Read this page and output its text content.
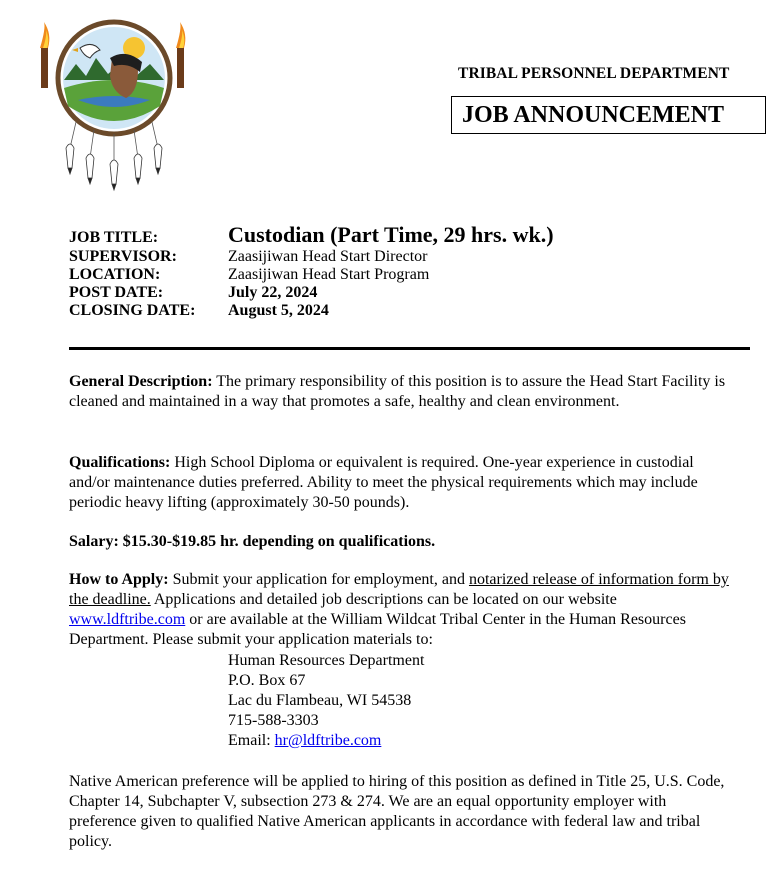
TRIBAL PERSONNEL DEPARTMENT
JOB ANNOUNCEMENT
JOB TITLE:	Custodian (Part Time, 29 hrs. wk.)
SUPERVISOR:	Zaasijiwan Head Start Director
LOCATION:	Zaasijiwan Head Start Program
POST DATE:	July 22, 2024
CLOSING DATE:	August 5, 2024
General Description: The primary responsibility of this position is to assure the Head Start Facility is cleaned and maintained in a way that promotes a safe, healthy and clean environment.
Qualifications: High School Diploma or equivalent is required. One-year experience in custodial and/or maintenance duties preferred. Ability to meet the physical requirements which may include periodic heavy lifting (approximately 30-50 pounds).
Salary: $15.30-$19.85 hr. depending on qualifications.
How to Apply: Submit your application for employment, and notarized release of information form by the deadline. Applications and detailed job descriptions can be located on our website www.ldftribe.com or are available at the William Wildcat Tribal Center in the Human Resources Department. Please submit your application materials to:
Human Resources Department
P.O. Box 67
Lac du Flambeau, WI 54538
715-588-3303
Email: hr@ldftribe.com
Native American preference will be applied to hiring of this position as defined in Title 25, U.S. Code, Chapter 14, Subchapter V, subsection 273 & 274. We are an equal opportunity employer with preference given to qualified Native American applicants in accordance with federal law and tribal policy.
